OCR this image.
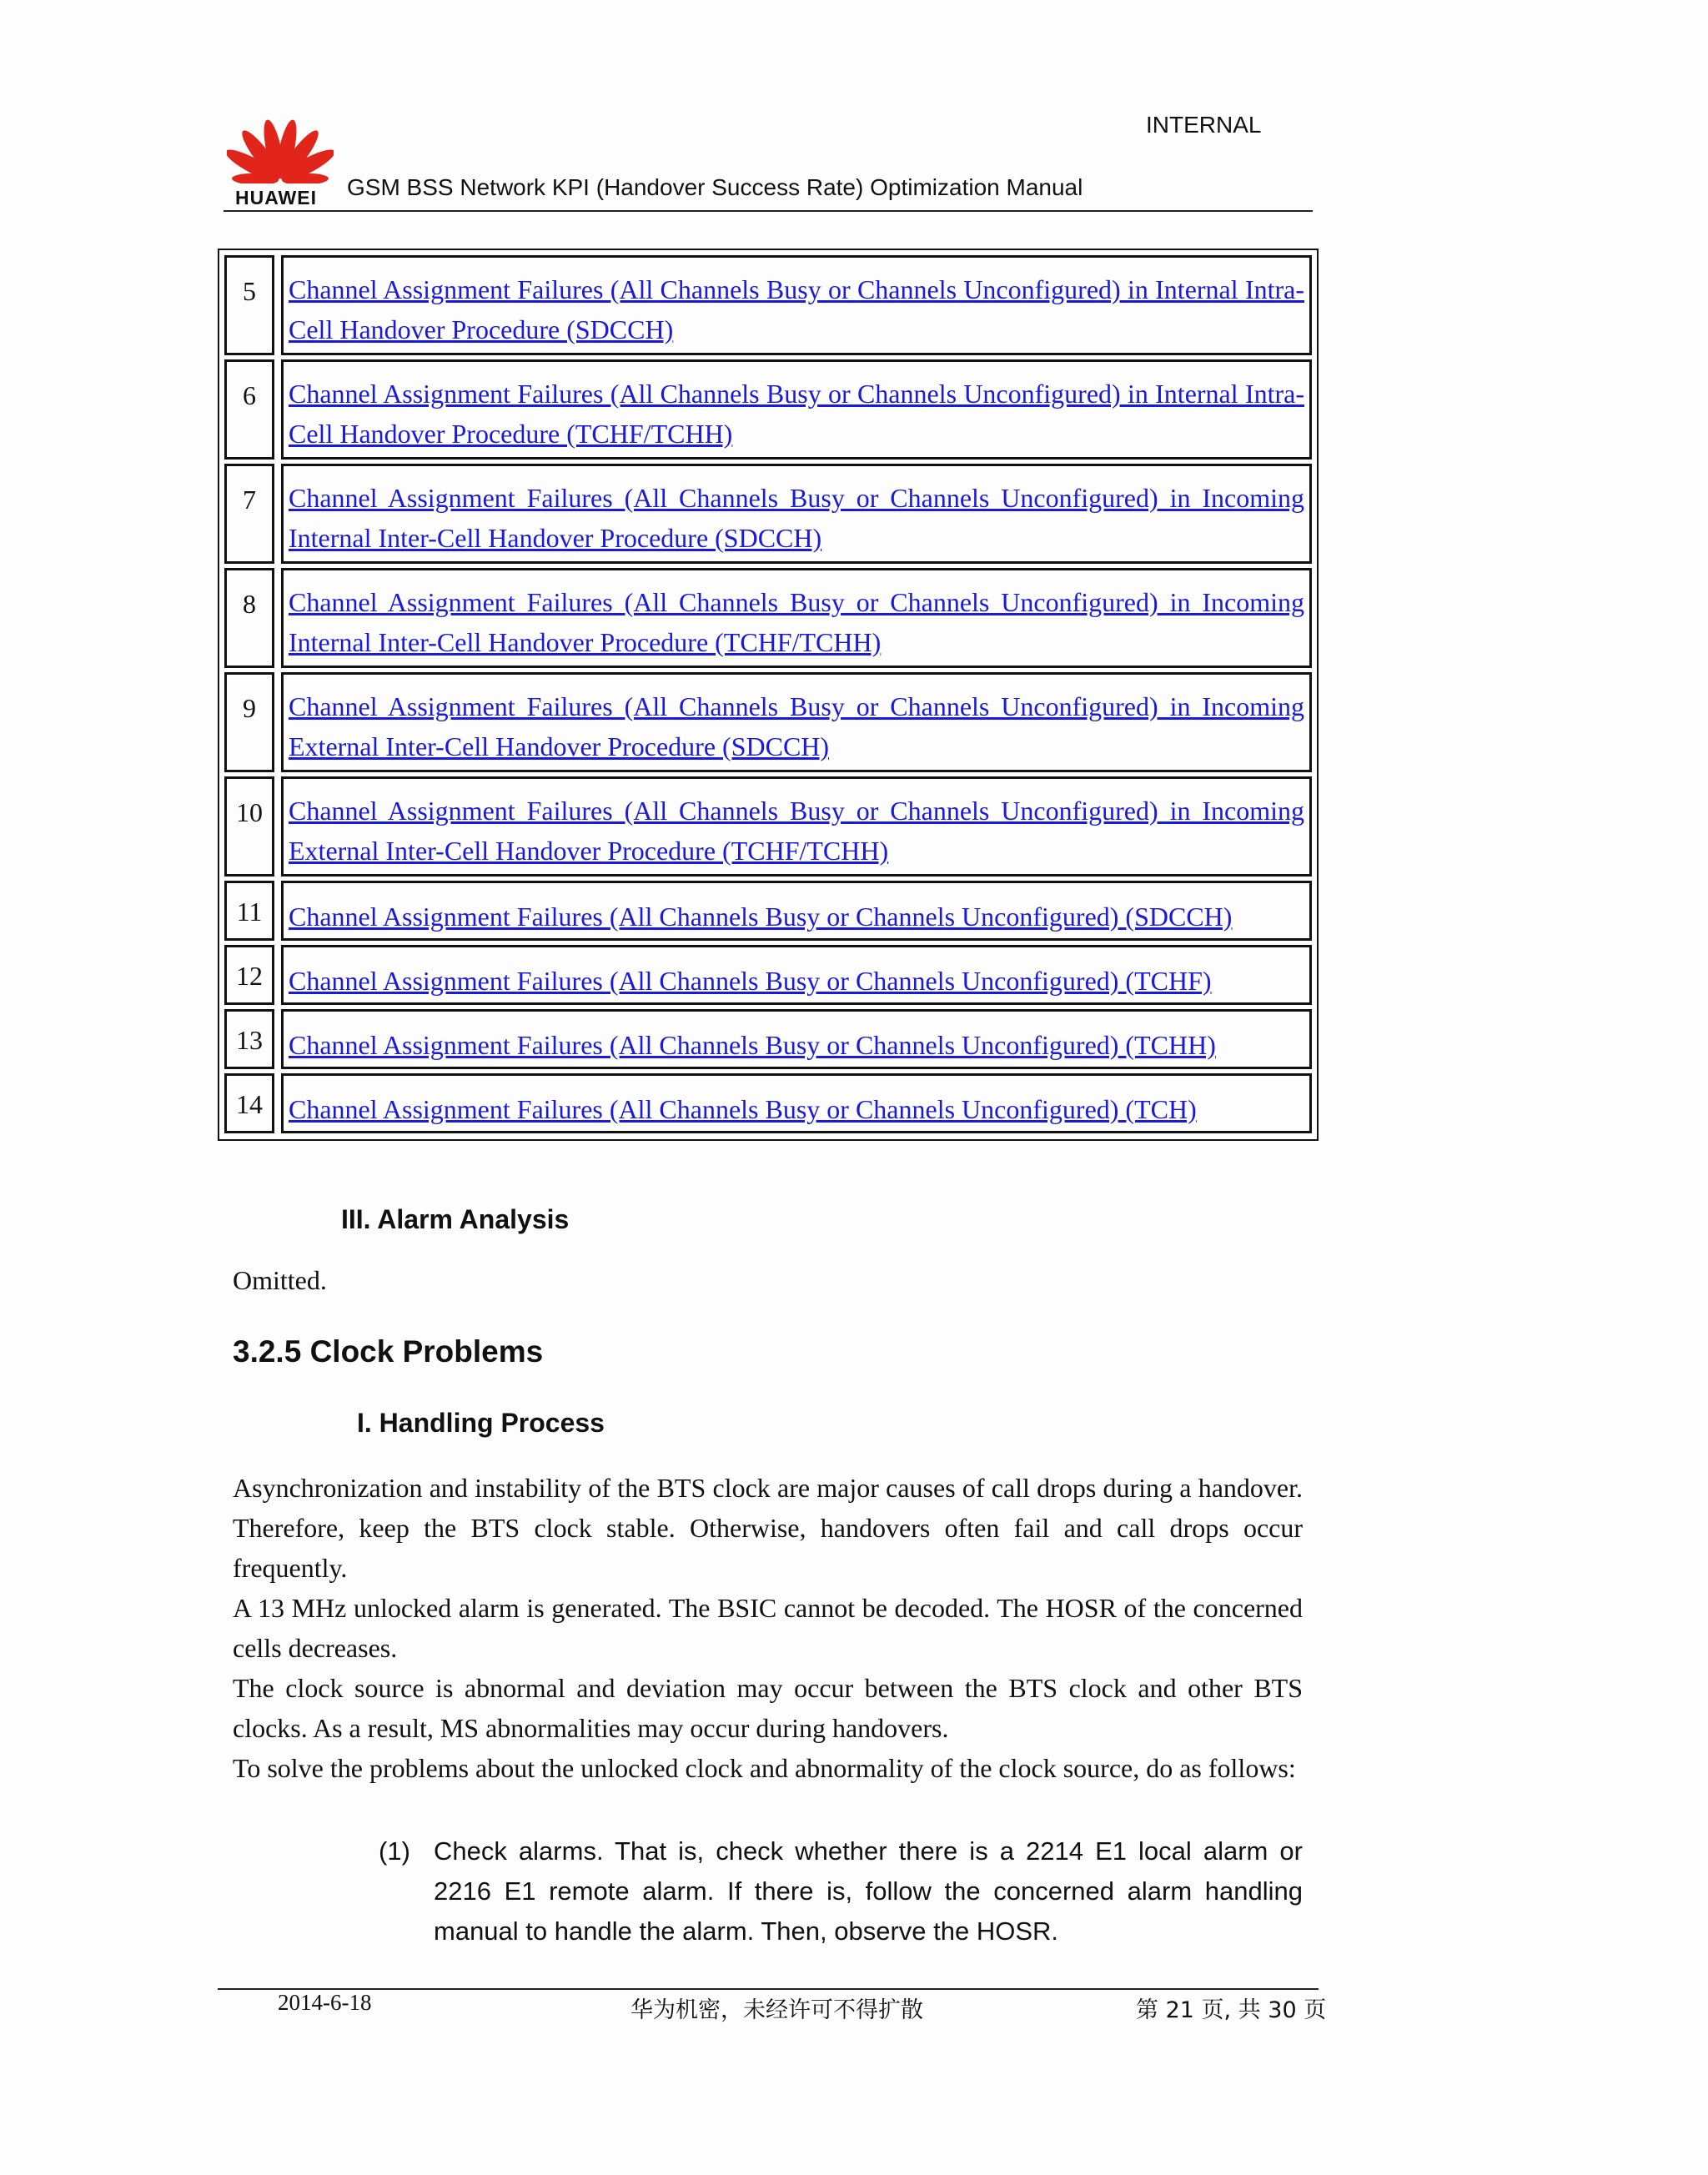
HUAWEI
INTERNAL
GSM BSS Network KPI (Handover Success Rate) Optimization Manual
5	Channel Assignment Failures (All Channels Busy or Channels Unconfigured) in Internal Intra-Cell Handover Procedure (SDCCH)
6	Channel Assignment Failures (All Channels Busy or Channels Unconfigured) in Internal Intra-Cell Handover Procedure (TCHF/TCHH)
7	Channel Assignment Failures (All Channels Busy or Channels Unconfigured) in Incoming Internal Inter-Cell Handover Procedure (SDCCH)
8	Channel Assignment Failures (All Channels Busy or Channels Unconfigured) in Incoming Internal Inter-Cell Handover Procedure (TCHF/TCHH)
9	Channel Assignment Failures (All Channels Busy or Channels Unconfigured) in Incoming External Inter-Cell Handover Procedure (SDCCH)
10 Channel Assignment Failures (All Channels Busy or Channels Unconfigured) in Incoming External Inter-Cell Handover Procedure (TCHF/TCHH)
11 Channel Assignment Failures (All Channels Busy or Channels Unconfigured) (SDCCH)
12 Channel Assignment Failures (All Channels Busy or Channels Unconfigured) (TCHF)
13 Channel Assignment Failures (All Channels Busy or Channels Unconfigured) (TCHH)
14 Channel Assignment Failures (All Channels Busy or Channels Unconfigured) (TCH)
III. Alarm Analysis
Omitted.
3.2.5 Clock Problems
I. Handling Process
Asynchronization and instability of the BTS clock are major causes of call drops during a handover. Therefore, keep the BTS clock stable. Otherwise, handovers often fail and call drops occur frequently.
A 13 MHz unlocked alarm is generated. The BSIC cannot be decoded. The HOSR of the concerned cells decreases.
The clock source is abnormal and deviation may occur between the BTS clock and other BTS clocks. As a result, MS abnormalities may occur during handovers.
To solve the problems about the unlocked clock and abnormality of the clock source, do as follows:
(1) Check alarms. That is, check whether there is a 2214 E1 local alarm or 2216 E1 remote alarm. If there is, follow the concerned alarm handling manual to handle the alarm. Then, observe the HOSR.
2014-6-18	华为机密，未经许可不得扩散	第 21 页, 共 30 页
